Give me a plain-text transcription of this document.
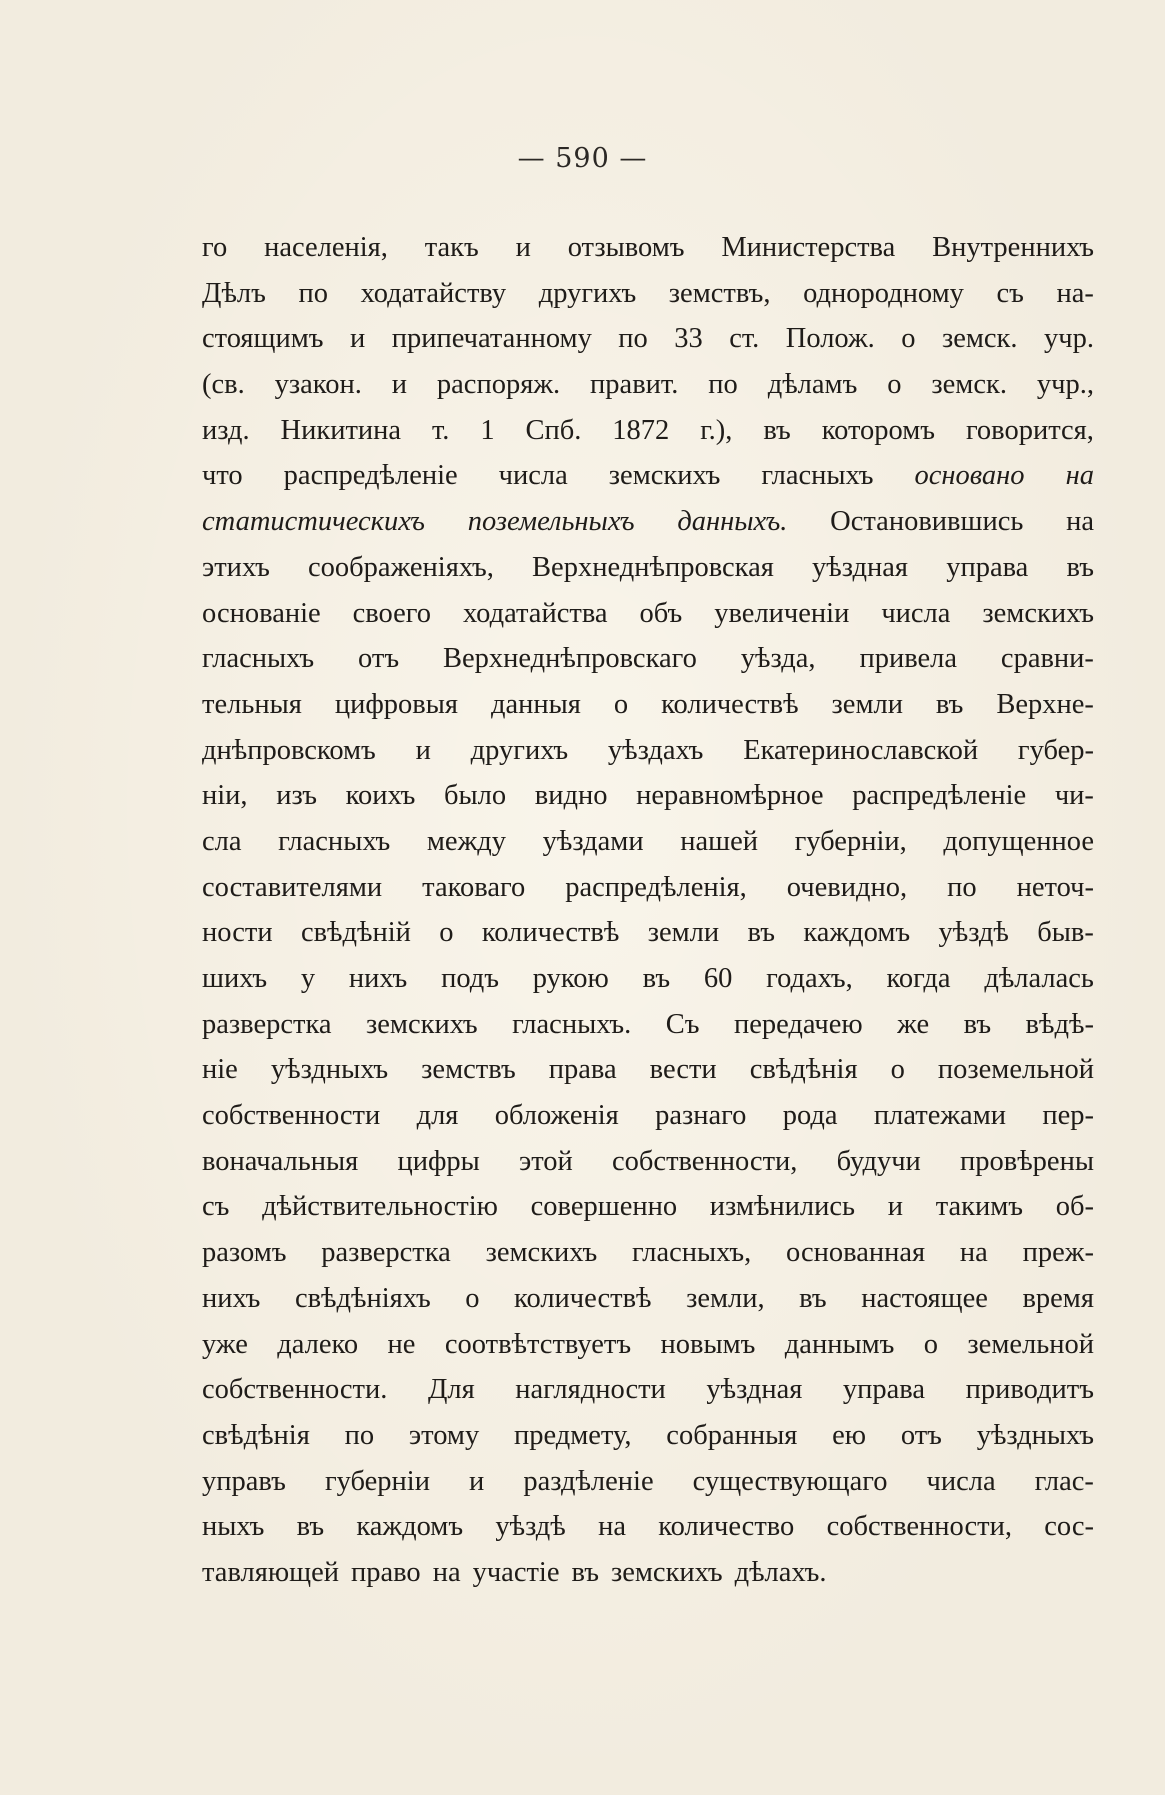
— 590 —
го населенія, такъ и отзывомъ Министерства Внутреннихъ
Дѣлъ по ходатайству другихъ земствъ, однородному съ на-
стоящимъ и припечатанному по 33 ст. Полож. о земск. учр.
(св. узакон. и распоряж. правит. по дѣламъ о земск. учр.,
изд. Никитина т. 1 Спб. 1872 г.), въ которомъ говорится,
что распредѣленіе числа земскихъ гласныхъ основано на
статистическихъ поземельныхъ данныхъ. Остановившись на
этихъ соображеніяхъ, Верхнеднѣпровская уѣздная управа въ
основаніе своего ходатайства объ увеличеніи числа земскихъ
гласныхъ отъ Верхнеднѣпровскаго уѣзда, привела сравни-
тельныя цифровыя данныя о количествѣ земли въ Верхне-
днѣпровскомъ и другихъ уѣздахъ Екатеринославской губер-
ніи, изъ коихъ было видно неравномѣрное распредѣленіе чи-
сла гласныхъ между уѣздами нашей губерніи, допущенное
составителями таковаго распредѣленія, очевидно, по неточ-
ности свѣдѣній о количествѣ земли въ каждомъ уѣздѣ быв-
шихъ у нихъ подъ рукою въ 60 годахъ, когда дѣлалась
разверстка земскихъ гласныхъ. Съ передачею же въ вѣдѣ-
ніе уѣздныхъ земствъ права вести свѣдѣнія о поземельной
собственности для обложенія разнаго рода платежами пер-
воначальныя цифры этой собственности, будучи провѣрены
съ дѣйствительностію совершенно измѣнились и такимъ об-
разомъ разверстка земскихъ гласныхъ, основанная на преж-
нихъ свѣдѣніяхъ о количествѣ земли, въ настоящее время
уже далеко не соотвѣтствуетъ новымъ даннымъ о земельной
собственности. Для наглядности уѣздная управа приводитъ
свѣдѣнія по этому предмету, собранныя ею отъ уѣздныхъ
управъ губерніи и раздѣленіе существующаго числа глас-
ныхъ въ каждомъ уѣздѣ на количество собственности, сос-
тавляющей право на участіе въ земскихъ дѣлахъ.
